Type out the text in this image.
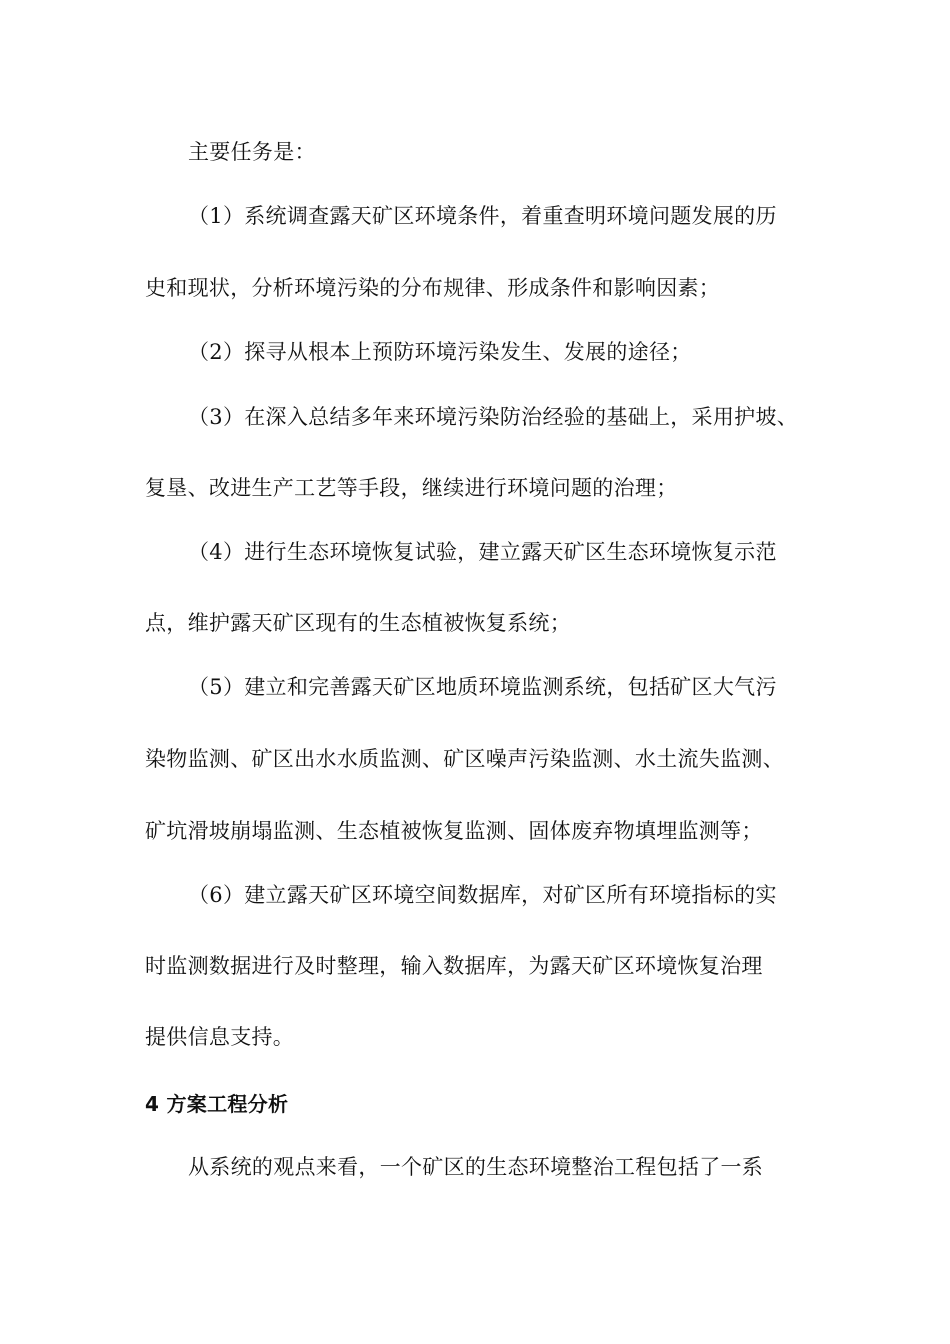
主要任务是：
（1）系统调查露天矿区环境条件，着重查明环境问题发展的历
史和现状，分析环境污染的分布规律、形成条件和影响因素；
（2）探寻从根本上预防环境污染发生、发展的途径；
（3）在深入总结多年来环境污染防治经验的基础上，采用护坡、
复垦、改进生产工艺等手段，继续进行环境问题的治理；
（4）进行生态环境恢复试验，建立露天矿区生态环境恢复示范
点，维护露天矿区现有的生态植被恢复系统；
（5）建立和完善露天矿区地质环境监测系统，包括矿区大气污
染物监测、矿区出水水质监测、矿区噪声污染监测、水土流失监测、
矿坑滑坡崩塌监测、生态植被恢复监测、固体废弃物填埋监测等；
（6）建立露天矿区环境空间数据库，对矿区所有环境指标的实
时监测数据进行及时整理，输入数据库，为露天矿区环境恢复治理
提供信息支持。
4 方案工程分析
从系统的观点来看，一个矿区的生态环境整治工程包括了一系
